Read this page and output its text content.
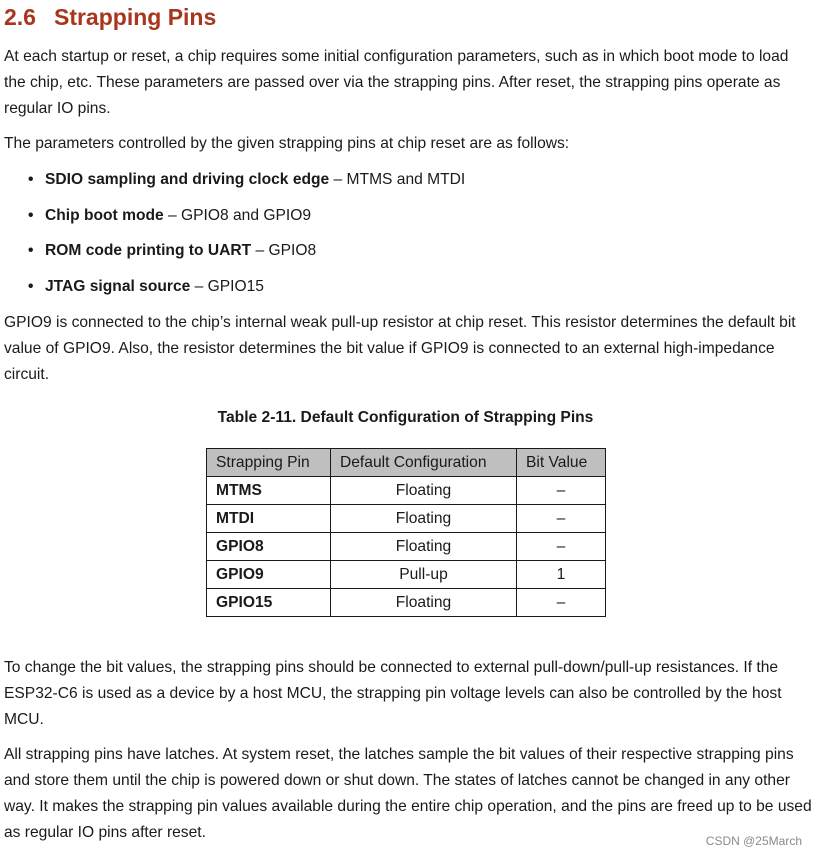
2.6 Strapping Pins

At each startup or reset, a chip requires some initial configuration parameters, such as in which boot mode to load the chip, etc. These parameters are passed over via the strapping pins. After reset, the strapping pins operate as regular IO pins.

The parameters controlled by the given strapping pins at chip reset are as follows:

• SDIO sampling and driving clock edge – MTMS and MTDI
• Chip boot mode – GPIO8 and GPIO9
• ROM code printing to UART – GPIO8
• JTAG signal source – GPIO15

GPIO9 is connected to the chip’s internal weak pull-up resistor at chip reset. This resistor determines the default bit value of GPIO9. Also, the resistor determines the bit value if GPIO9 is connected to an external high-impedance circuit.

Table 2-11. Default Configuration of Strapping Pins
Strapping Pin	Default Configuration	Bit Value
MTMS	Floating	–
MTDI	Floating	–
GPIO8	Floating	–
GPIO9	Pull-up	1
GPIO15	Floating	–

To change the bit values, the strapping pins should be connected to external pull-down/pull-up resistances. If the ESP32-C6 is used as a device by a host MCU, the strapping pin voltage levels can also be controlled by the host MCU.

All strapping pins have latches. At system reset, the latches sample the bit values of their respective strapping pins and store them until the chip is powered down or shut down. The states of latches cannot be changed in any other way. It makes the strapping pin values available during the entire chip operation, and the pins are freed up to be used as regular IO pins after reset.	CSDN @25March
